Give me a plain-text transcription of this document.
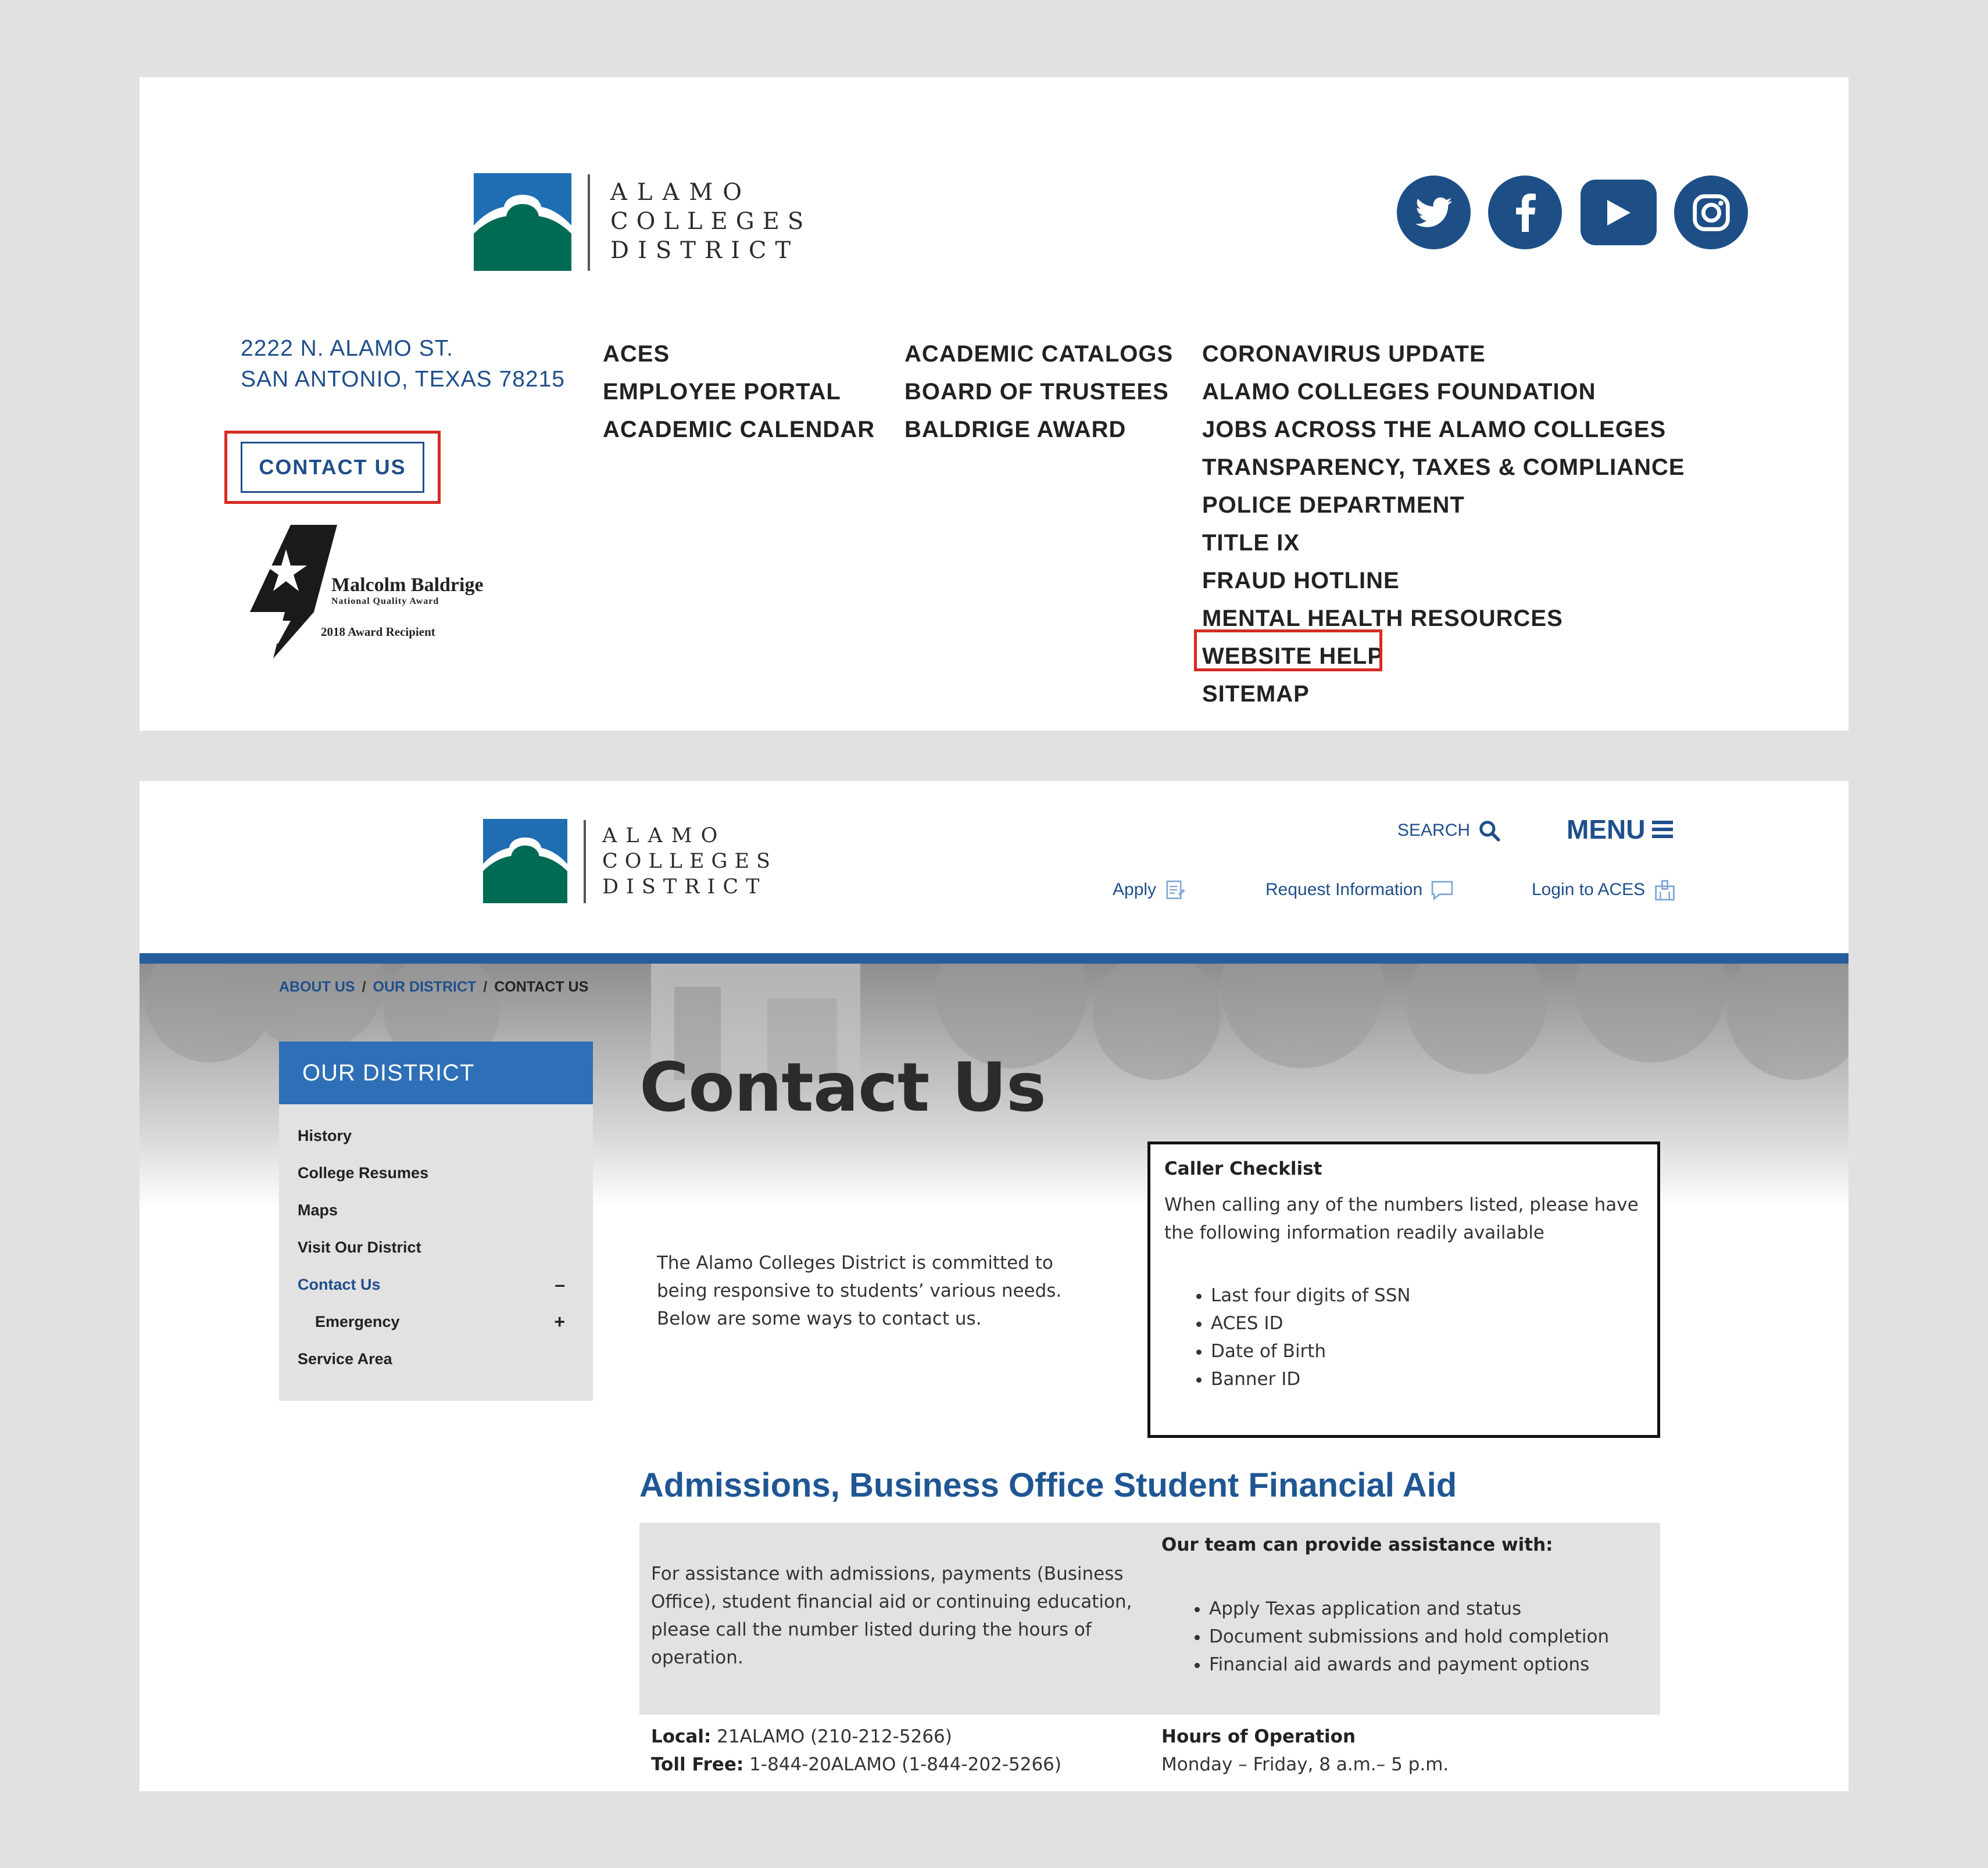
ALAMO
COLLEGES
DISTRICT
2222 N. ALAMO ST.
SAN ANTONIO, TEXAS 78215
CONTACT US
Malcolm Baldrige
National Quality Award
2018 Award Recipient
ACES
EMPLOYEE PORTAL
ACADEMIC CALENDAR
ACADEMIC CATALOGS
BOARD OF TRUSTEES
BALDRIGE AWARD
CORONAVIRUS UPDATE
ALAMO COLLEGES FOUNDATION
JOBS ACROSS THE ALAMO COLLEGES
TRANSPARENCY, TAXES & COMPLIANCE
POLICE DEPARTMENT
TITLE IX
FRAUD HOTLINE
MENTAL HEALTH RESOURCES
WEBSITE HELP
SITEMAP
ALAMO
COLLEGES
DISTRICT
SEARCH	MENU
Apply	Request Information	Login to ACES
ABOUT US / OUR DISTRICT / CONTACT US
OUR DISTRICT
History
College Resumes
Maps
Visit Our District
Contact Us	–
Emergency	+
Service Area
Contact Us
The Alamo Colleges District is committed to being responsive to students’ various needs. Below are some ways to contact us.
Caller Checklist
When calling any of the numbers listed, please have the following information readily available
• Last four digits of SSN
• ACES ID
• Date of Birth
• Banner ID
Admissions, Business Office Student Financial Aid
For assistance with admissions, payments (Business Office), student financial aid or continuing education, please call the number listed during the hours of operation.
Our team can provide assistance with:
• Apply Texas application and status
• Document submissions and hold completion
• Financial aid awards and payment options
Local: 21ALAMO (210-212-5266)
Toll Free: 1-844-20ALAMO (1-844-202-5266)
Hours of Operation
Monday – Friday, 8 a.m.– 5 p.m.
